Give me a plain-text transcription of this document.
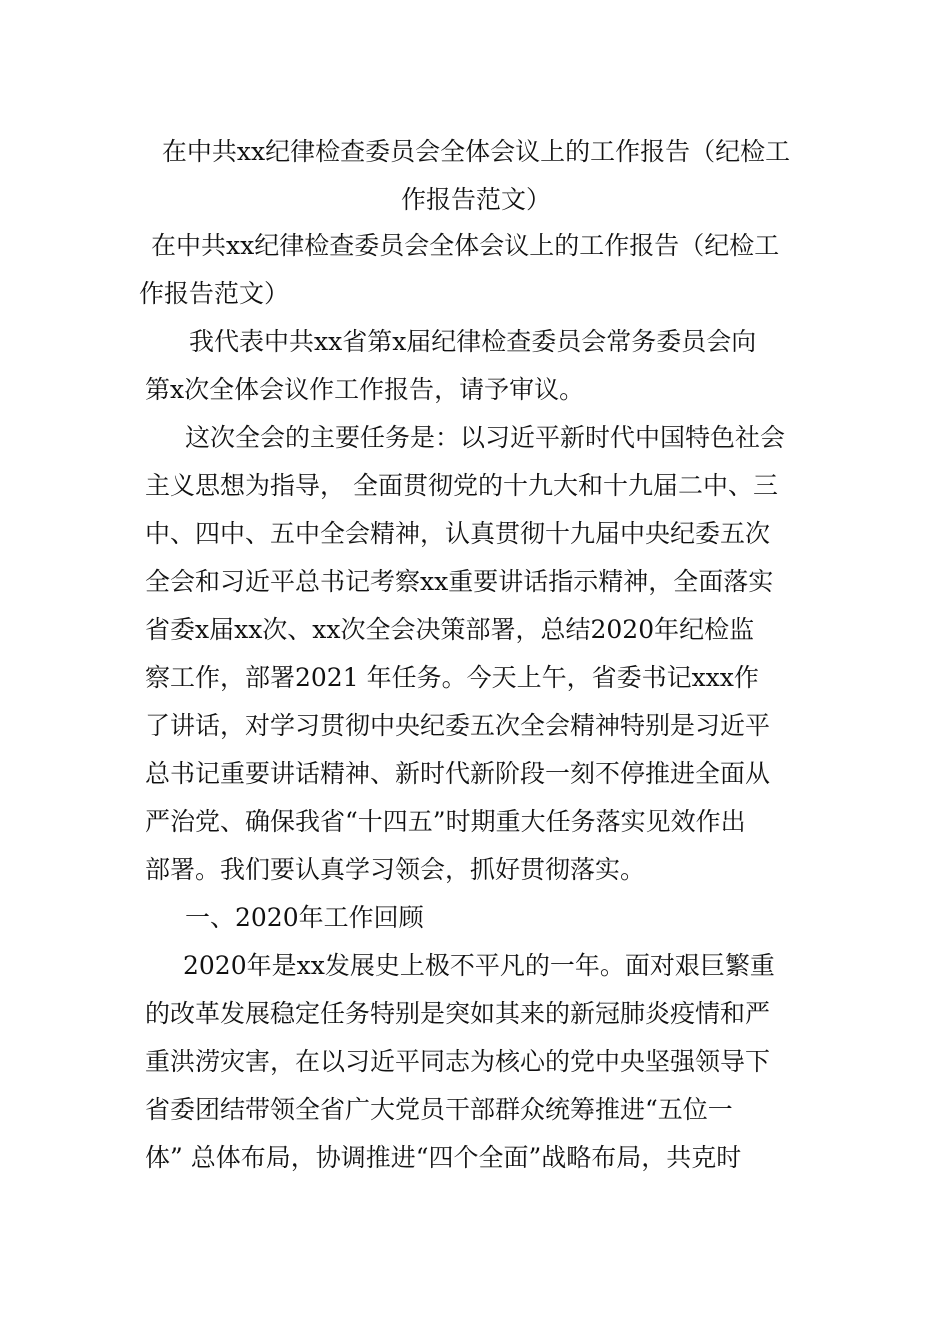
在中共xx纪律检查委员会全体会议上的工作报告（纪检工
作报告范文）

在中共xx纪律检查委员会全体会议上的工作报告（纪检工
作报告范文）

我代表中共xx省第x届纪律检查委员会常务委员会向
第x次全体会议作工作报告，请予审议。

这次全会的主要任务是：以习近平新时代中国特色社会
主义思想为指导， 全面贯彻党的十九大和十九届二中、三
中、四中、五中全会精神，认真贯彻十九届中央纪委五次
全会和习近平总书记考察xx重要讲话指示精神，全面落实
省委x届xx次、xx次全会决策部署，总结2020年纪检监
察工作，部署2021 年任务。今天上午，省委书记xxx作
了讲话，对学习贯彻中央纪委五次全会精神特别是习近平
总书记重要讲话精神、新时代新阶段一刻不停推进全面从
严治党、确保我省“十四五”时期重大任务落实见效作出
部署。我们要认真学习领会，抓好贯彻落实。

一、2020年工作回顾

2020年是xx发展史上极不平凡的一年。面对艰巨繁重
的改革发展稳定任务特别是突如其来的新冠肺炎疫情和严
重洪涝灾害，在以习近平同志为核心的党中央坚强领导下
省委团结带领全省广大党员干部群众统筹推进“五位一
体” 总体布局，协调推进“四个全面”战略布局，共克时
